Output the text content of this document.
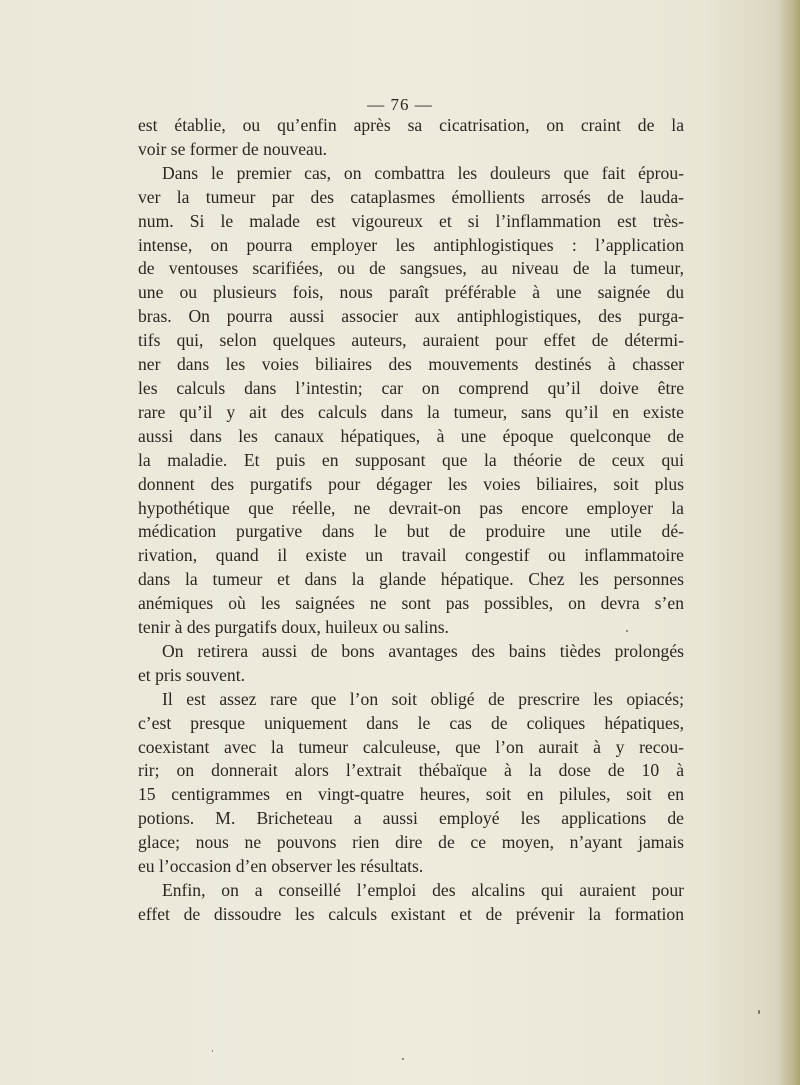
— 76 —
est établie, ou qu’enfin après sa cicatrisation, on craint de la
voir se former de nouveau.
Dans le premier cas, on combattra les douleurs que fait éprou-
ver la tumeur par des cataplasmes émollients arrosés de lauda-
num. Si le malade est vigoureux et si l’inflammation est très-
intense, on pourra employer les antiphlogistiques : l’application
de ventouses scarifiées, ou de sangsues, au niveau de la tumeur,
une ou plusieurs fois, nous paraît préférable à une saignée du
bras. On pourra aussi associer aux antiphlogistiques, des purga-
tifs qui, selon quelques auteurs, auraient pour effet de détermi-
ner dans les voies biliaires des mouvements destinés à chasser
les calculs dans l’intestin; car on comprend qu’il doive être
rare qu’il y ait des calculs dans la tumeur, sans qu’il en existe
aussi dans les canaux hépatiques, à une époque quelconque de
la maladie. Et puis en supposant que la théorie de ceux qui
donnent des purgatifs pour dégager les voies biliaires, soit plus
hypothétique que réelle, ne devrait-on pas encore employer la
médication purgative dans le but de produire une utile dé-
rivation, quand il existe un travail congestif ou inflammatoire
dans la tumeur et dans la glande hépatique. Chez les personnes
anémiques où les saignées ne sont pas possibles, on devra s’en
tenir à des purgatifs doux, huileux ou salins.
On retirera aussi de bons avantages des bains tièdes prolongés
et pris souvent.
Il est assez rare que l’on soit obligé de prescrire les opiacés;
c’est presque uniquement dans le cas de coliques hépatiques,
coexistant avec la tumeur calculeuse, que l’on aurait à y recou-
rir; on donnerait alors l’extrait thébaïque à la dose de 10 à
15 centigrammes en vingt-quatre heures, soit en pilules, soit en
potions. M. Bricheteau a aussi employé les applications de
glace; nous ne pouvons rien dire de ce moyen, n’ayant jamais
eu l’occasion d’en observer les résultats.
Enfin, on a conseillé l’emploi des alcalins qui auraient pour
effet de dissoudre les calculs existant et de prévenir la formation
